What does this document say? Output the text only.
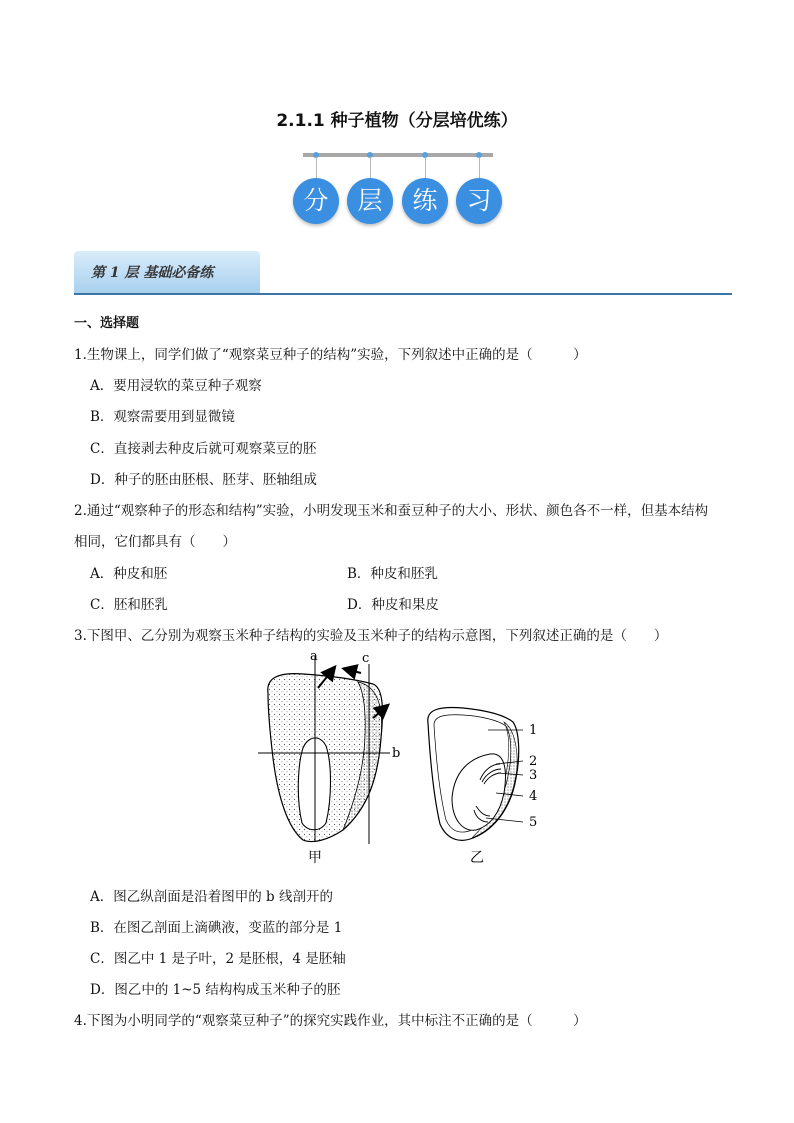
2.1.1 种子植物（分层培优练）
分	层	练	习
第 1 层 基础必备练
一、选择题
1.生物课上，同学们做了“观察菜豆种子的结构”实验，下列叙述中正确的是（　　　）
A．要用浸软的菜豆种子观察
B．观察需要用到显微镜
C．直接剥去种皮后就可观察菜豆的胚
D．种子的胚由胚根、胚芽、胚轴组成
2.通过“观察种子的形态和结构”实验，小明发现玉米和蚕豆种子的大小、形状、颜色各不一样，但基本结构
相同，它们都具有（　　）
A．种皮和胚	B．种皮和胚乳
C．胚和胚乳	D．种皮和果皮
3.下图甲、乙分别为观察玉米种子结构的实验及玉米种子的结构示意图，下列叙述正确的是（　　）
a	c
b
甲
1
2
3
4
5
乙
A．图乙纵剖面是沿着图甲的 b 线剖开的
B．在图乙剖面上滴碘液，变蓝的部分是 1
C．图乙中 1 是子叶，2 是胚根，4 是胚轴
D．图乙中的 1~5 结构构成玉米种子的胚
4.下图为小明同学的“观察菜豆种子”的探究实践作业，其中标注不正确的是（　　　）
